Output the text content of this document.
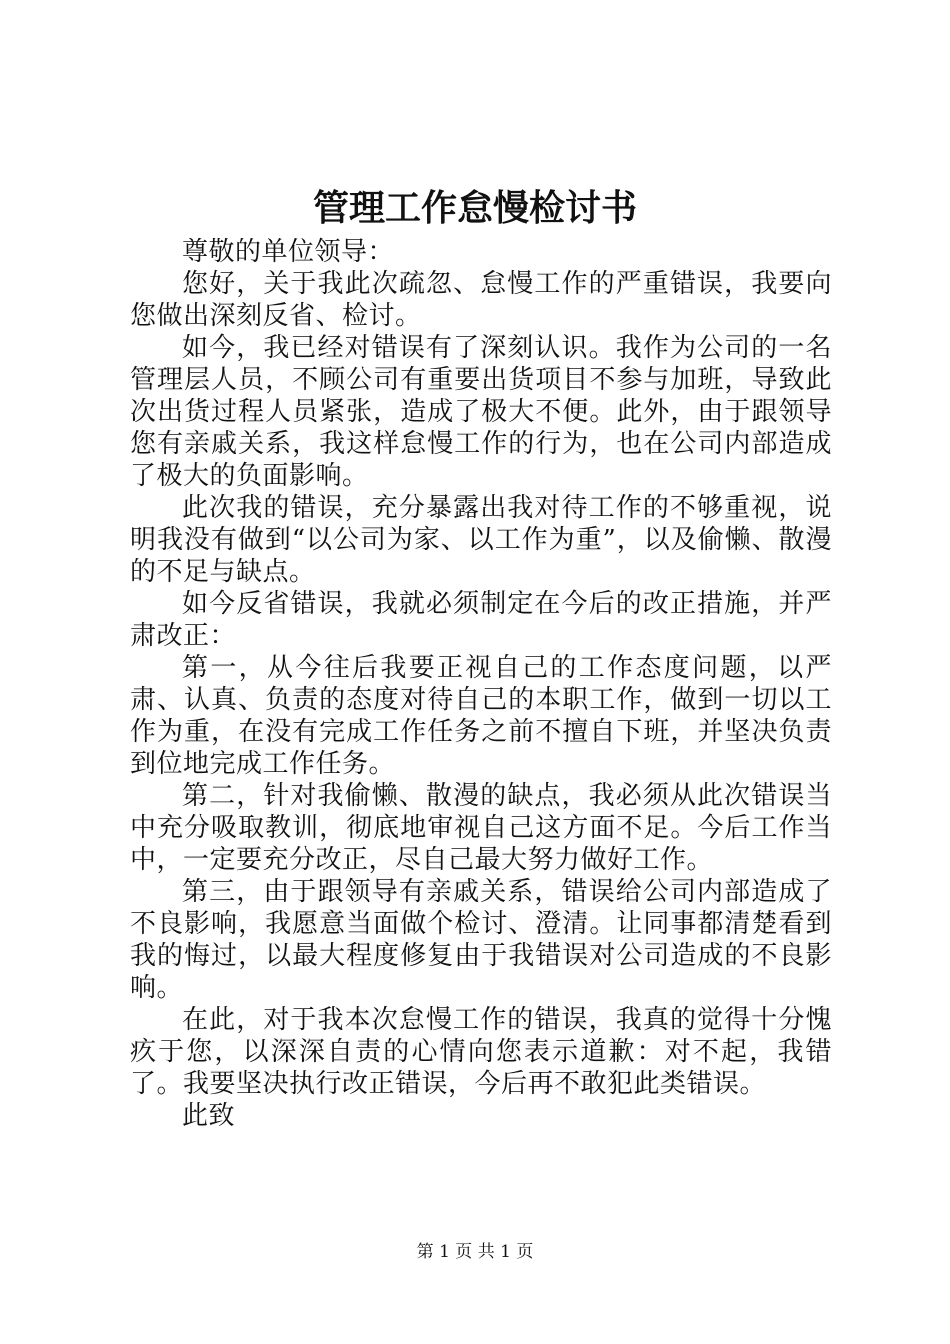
管理工作怠慢检讨书

尊敬的单位领导：

您好，关于我此次疏忽、怠慢工作的严重错误，我要向您做出深刻反省、检讨。

如今，我已经对错误有了深刻认识。我作为公司的一名管理层人员，不顾公司有重要出货项目不参与加班，导致此次出货过程人员紧张，造成了极大不便。此外，由于跟领导您有亲戚关系，我这样怠慢工作的行为，也在公司内部造成了极大的负面影响。

此次我的错误，充分暴露出我对待工作的不够重视，说明我没有做到“以公司为家、以工作为重”，以及偷懒、散漫的不足与缺点。

如今反省错误，我就必须制定在今后的改正措施，并严肃改正：

第一，从今往后我要正视自己的工作态度问题，以严肃、认真、负责的态度对待自己的本职工作，做到一切以工作为重，在没有完成工作任务之前不擅自下班，并坚决负责到位地完成工作任务。

第二，针对我偷懒、散漫的缺点，我必须从此次错误当中充分吸取教训，彻底地审视自己这方面不足。今后工作当中，一定要充分改正，尽自己最大努力做好工作。

第三，由于跟领导有亲戚关系，错误给公司内部造成了不良影响，我愿意当面做个检讨、澄清。让同事都清楚看到我的悔过，以最大程度修复由于我错误对公司造成的不良影响。

在此，对于我本次怠慢工作的错误，我真的觉得十分愧疚于您，以深深自责的心情向您表示道歉：对不起，我错了。我要坚决执行改正错误，今后再不敢犯此类错误。

此致

第 1 页 共 1 页
